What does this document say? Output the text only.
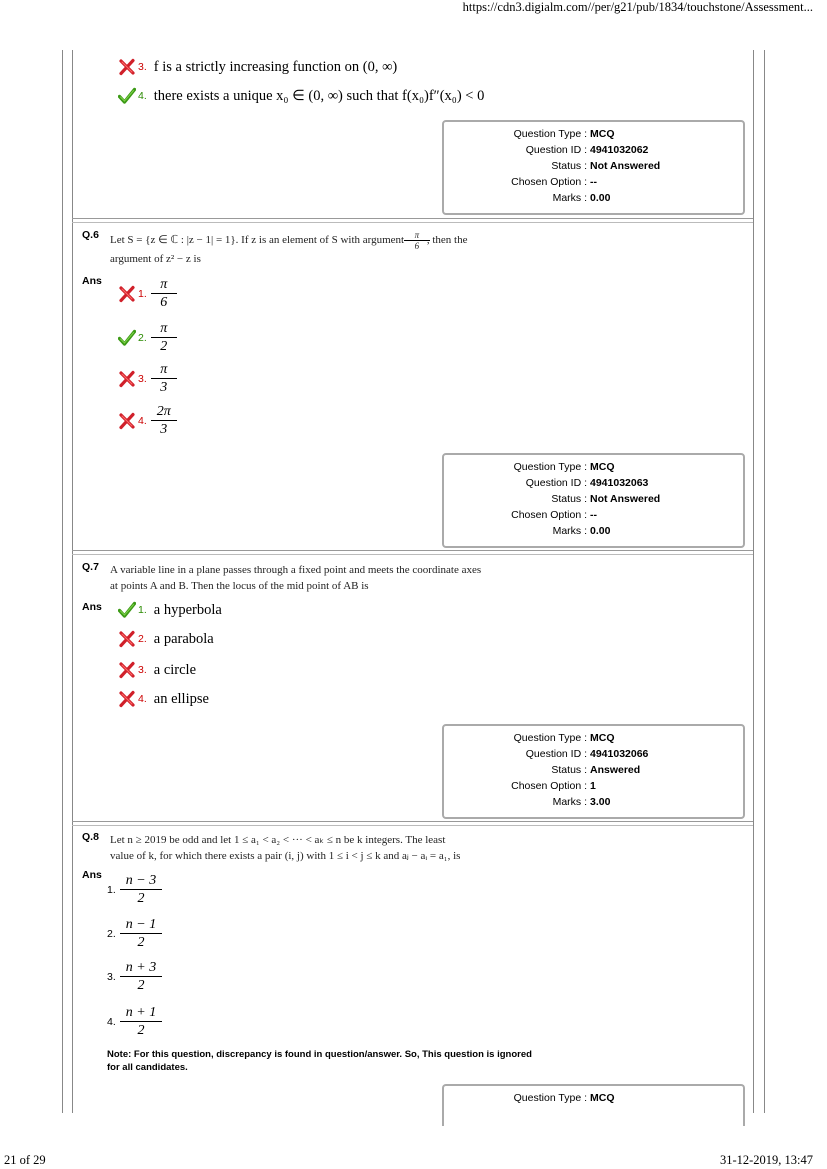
https://cdn3.digialm.com//per/g21/pub/1834/touchstone/Assessment...
3. f is a strictly increasing function on (0, ∞)
4. there exists a unique x₀ ∈ (0, ∞) such that f(x₀)f″(x₀) < 0
Question Type : MCQ
Question ID : 4941032062
Status : Not Answered
Chosen Option : --
Marks : 0.00
Q.6 Let S = {z ∈ ℂ : |z − 1| = 1}. If z is an element of S with argument $\frac{\pi}{6}$ , then the
argument of z² − z is
Ans
1. $\frac{\pi}{6}$
2. $\frac{\pi}{2}$
3. $\frac{\pi}{3}$
4. $\frac{2\pi}{3}$
Question Type : MCQ
Question ID : 4941032063
Status : Not Answered
Chosen Option : --
Marks : 0.00
Q.7 A variable line in a plane passes through a fixed point and meets the coordinate axes
at points A and B. Then the locus of the mid point of AB is
Ans	1. a hyperbola
2. a parabola
3. a circle
4. an ellipse
Question Type : MCQ
Question ID : 4941032066
Status : Answered
Chosen Option : 1
Marks : 3.00
Q.8 Let n ≥ 2019 be odd and let 1 ≤ a₁ < a₂ < ··· < aₖ ≤ n be k integers. The least
value of k, for which there exists a pair (i, j) with 1 ≤ i < j ≤ k and aⱼ − aᵢ = a₁, is
Ans
1. $\frac{n - 3}{2}$
2. $\frac{n - 1}{2}$
3. $\frac{n + 3}{2}$
4. $\frac{n + 1}{2}$
Note: For this question, discrepancy is found in question/answer. So, This question is ignored for all candidates.
Question Type : MCQ
21 of 29	31-12-2019, 13:47
